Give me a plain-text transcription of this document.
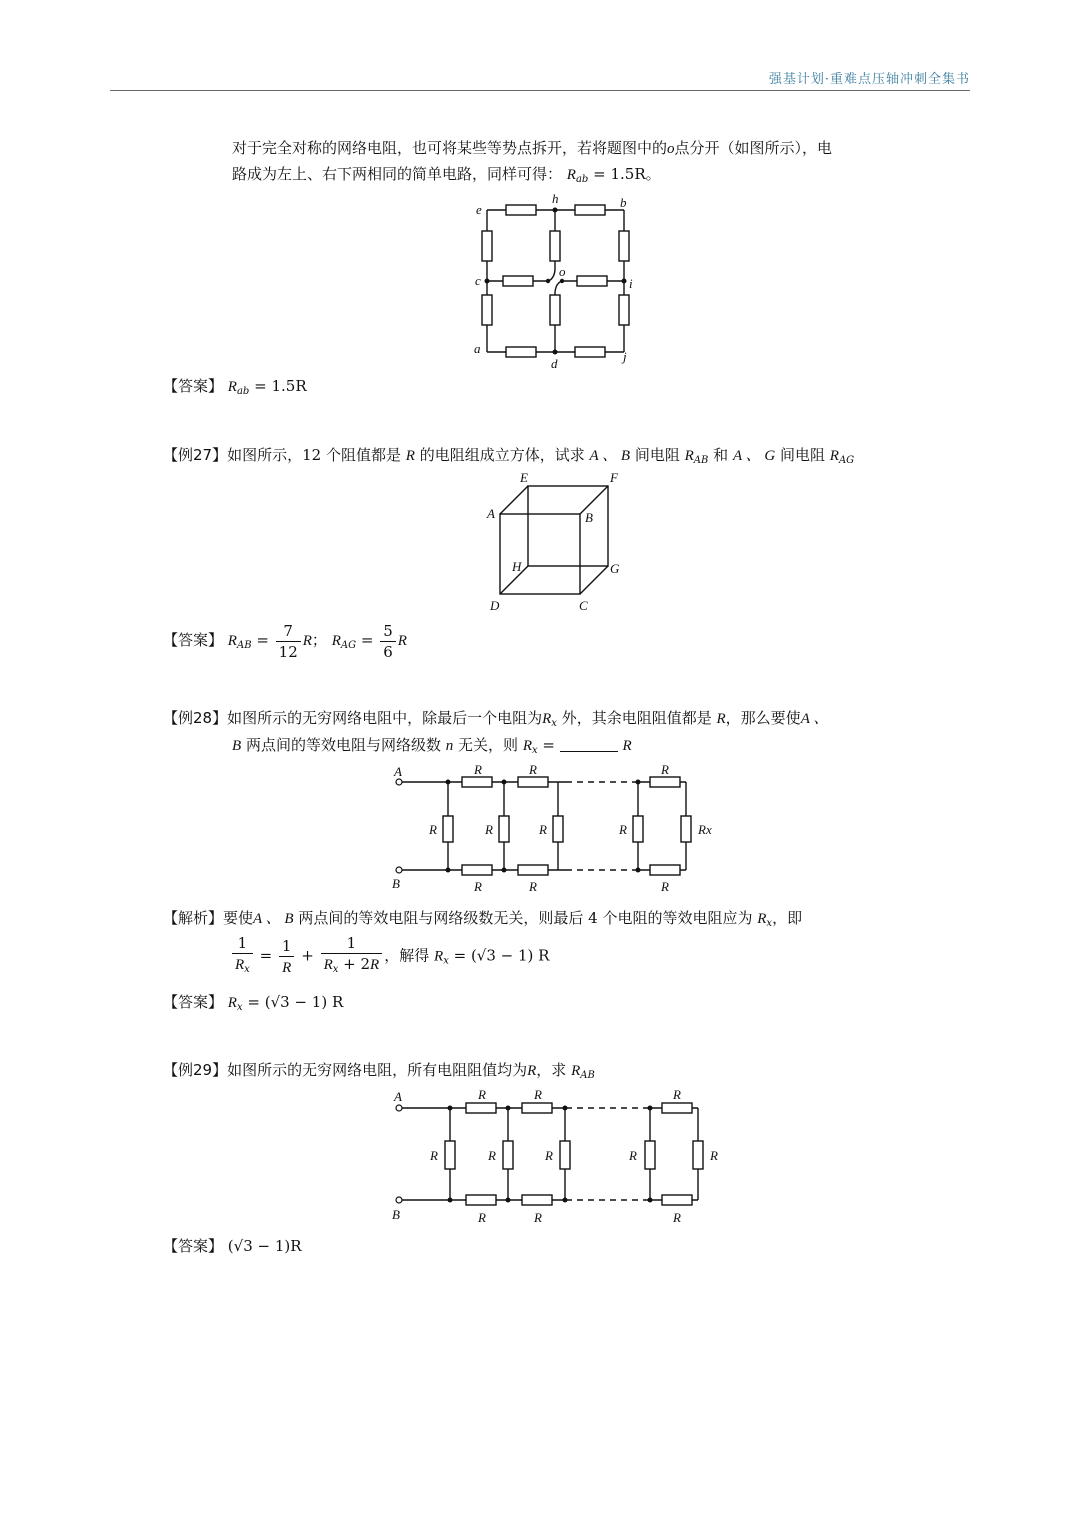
强基计划·重难点压轴冲刺全集书
对于完全对称的网络电阻，也可将某些等势点拆开，若将题图中的o点分开（如图所示），电
路成为左上、右下两相同的简单电路，同样可得： $R_{ab} = 1.5R$。
e
h	b
c
o
i
a
d	j
【答案】 $R_{ab} = 1.5R$
【例27】如图所示，12 个阻值都是 R 的电阻组成立方体，试求 A 、 B 间电阻 $R_{AB}$ 和 A 、 G 间电阻 $R_{AG}$
E	F
A	B
H	G
D	C
【答案】 $R_{AB} = \frac{7}{12}$ R； $R_{AG} = \frac{5}{6}$ R
【例28】如图所示的无穷网络电阻中，除最后一个电阻为$R_x$ 外，其余电阻阻值都是 R，那么要使A 、
B 两点间的等效电阻与网络级数 n 无关，则 $R_x$ =	R
A
B
R	R	R
R	R	R
R	R	R	R	Rx
【解析】要使A 、 B 两点间的等效电阻与网络级数无关，则最后 4 个电阻的等效电阻应为 $R_x$，即
$\frac{1}{R_x} = \frac{1}{R} + \frac{1}{R_x + 2R}$ ，解得 $R_x = (√3 - 1)$ R
【答案】 $R_x = (√3 - 1)$ R
【例29】如图所示的无穷网络电阻，所有电阻阻值均为R，求 $R_{AB}$
A
B
R	R	R
R	R	R
R	R	R	R	R
【答案】 (√3 − 1)R
